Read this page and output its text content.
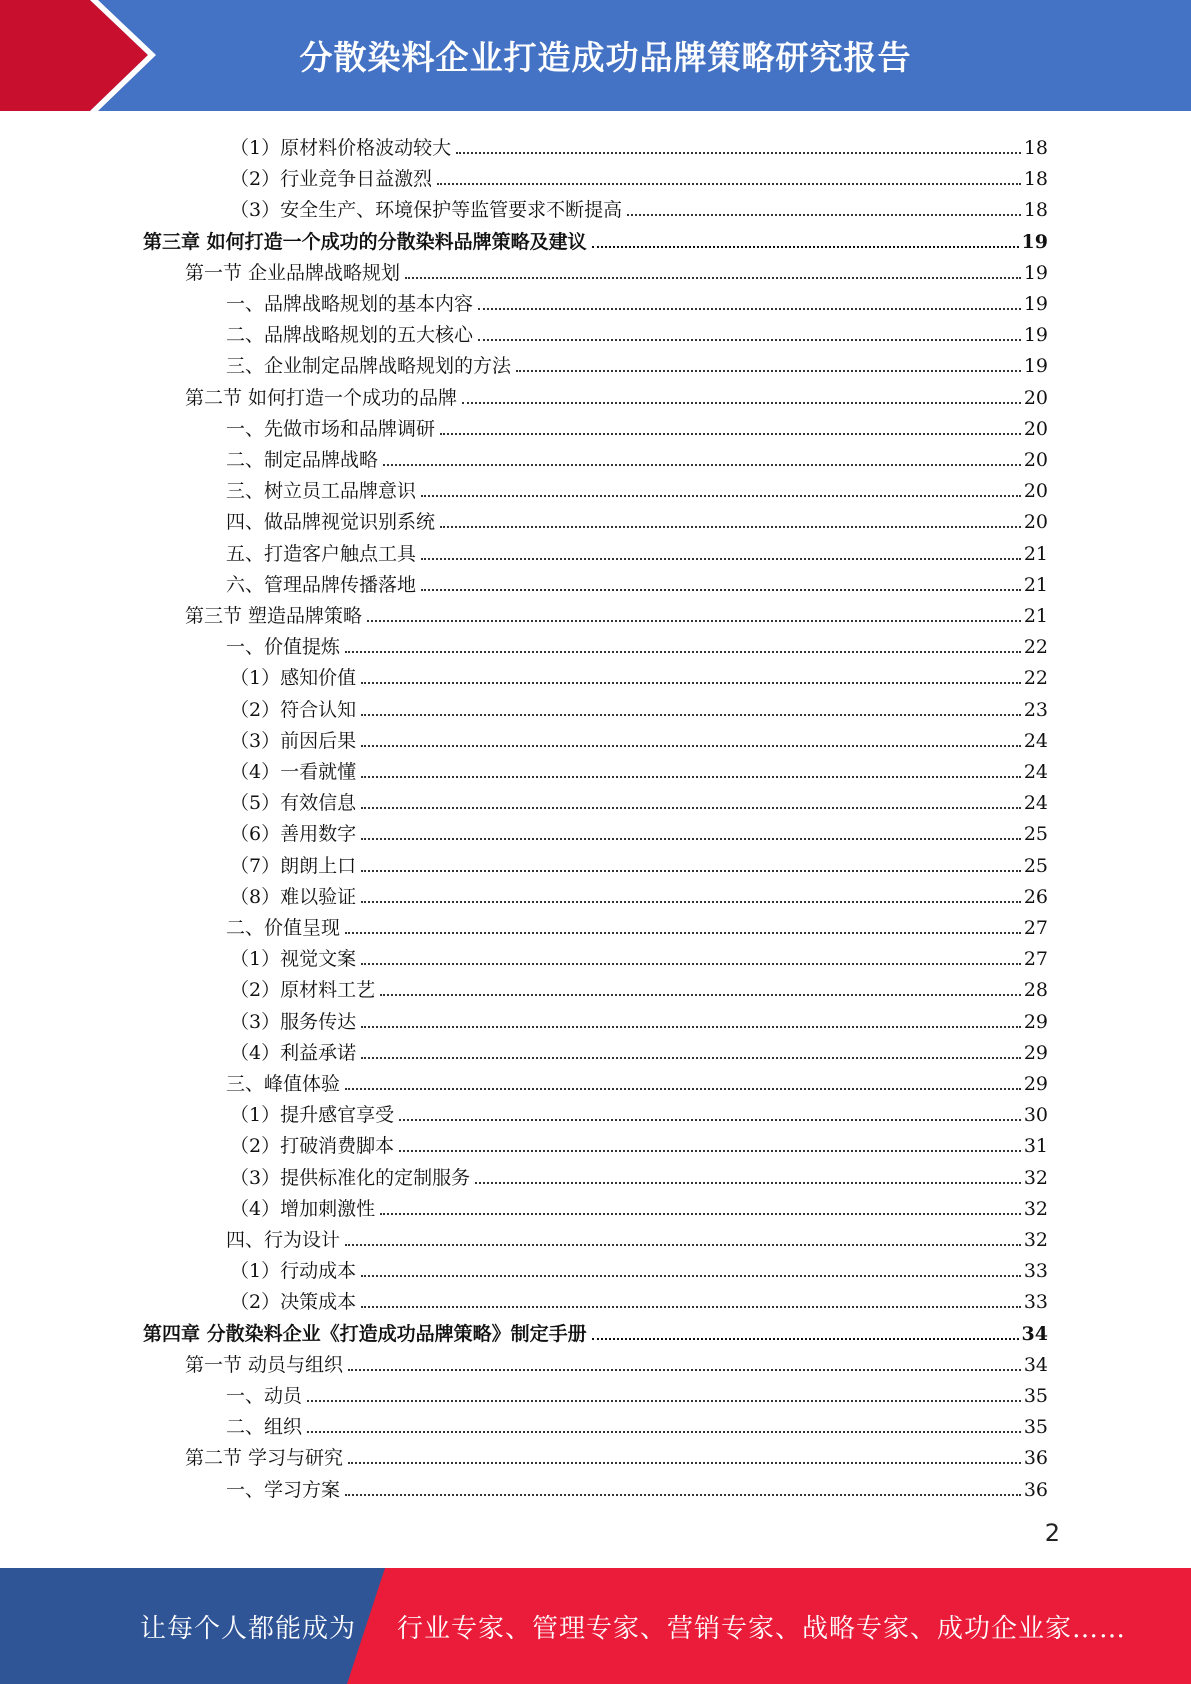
分散染料企业打造成功品牌策略研究报告
（1）原材料价格波动较大	18
（2）行业竞争日益激烈	18
（3）安全生产、环境保护等监管要求不断提高	18
第三章 如何打造一个成功的分散染料品牌策略及建议	19
第一节 企业品牌战略规划	19
一、品牌战略规划的基本内容	19
二、品牌战略规划的五大核心	19
三、企业制定品牌战略规划的方法	19
第二节 如何打造一个成功的品牌	20
一、先做市场和品牌调研	20
二、制定品牌战略	20
三、树立员工品牌意识	20
四、做品牌视觉识别系统	20
五、打造客户触点工具	21
六、管理品牌传播落地	21
第三节 塑造品牌策略	21
一、价值提炼	22
（1）感知价值	22
（2）符合认知	23
（3）前因后果	24
（4）一看就懂	24
（5）有效信息	24
（6）善用数字	25
（7）朗朗上口	25
（8）难以验证	26
二、价值呈现	27
（1）视觉文案	27
（2）原材料工艺	28
（3）服务传达	29
（4）利益承诺	29
三、峰值体验	29
（1）提升感官享受	30
（2）打破消费脚本	31
（3）提供标准化的定制服务	32
（4）增加刺激性	32
四、行为设计	32
（1）行动成本	33
（2）决策成本	33
第四章 分散染料企业《打造成功品牌策略》制定手册	34
第一节 动员与组织	34
一、动员	35
二、组织	35
第二节 学习与研究	36
一、学习方案	36
2
让每个人都能成为 行业专家、管理专家、营销专家、战略专家、成功企业家……
